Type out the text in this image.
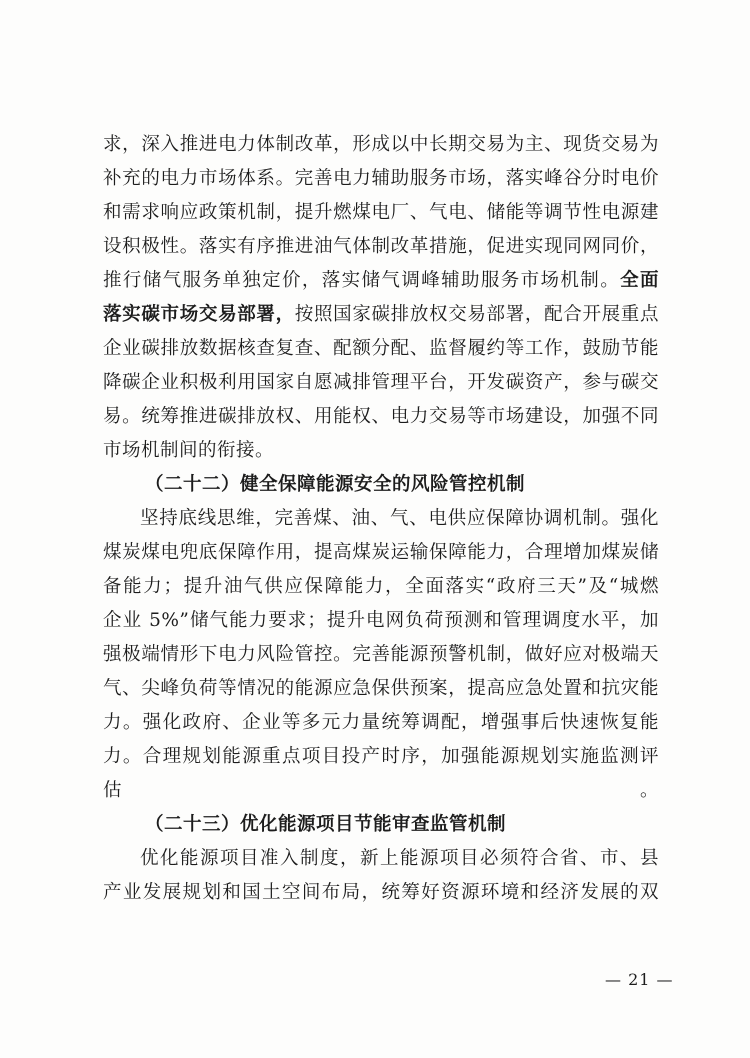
求，深入推进电力体制改革，形成以中长期交易为主、现货交易为
补充的电力市场体系。完善电力辅助服务市场，落实峰谷分时电价
和需求响应政策机制，提升燃煤电厂、气电、储能等调节性电源建
设积极性。落实有序推进油气体制改革措施，促进实现同网同价，
推行储气服务单独定价，落实储气调峰辅助服务市场机制。全面
落实碳市场交易部署，按照国家碳排放权交易部署，配合开展重点
企业碳排放数据核查复查、配额分配、监督履约等工作，鼓励节能
降碳企业积极利用国家自愿减排管理平台，开发碳资产，参与碳交
易。统筹推进碳排放权、用能权、电力交易等市场建设，加强不同

市场机制间的衔接。

（二十二）健全保障能源安全的风险管控机制

坚持底线思维，完善煤、油、气、电供应保障协调机制。强化
煤炭煤电兜底保障作用，提高煤炭运输保障能力，合理增加煤炭储
备能力；提升油气供应保障能力，全面落实“政府三天”及“城燃
企业 5%”储气能力要求；提升电网负荷预测和管理调度水平，加
强极端情形下电力风险管控。完善能源预警机制，做好应对极端天
气、尖峰负荷等情况的能源应急保供预案，提高应急处置和抗灾能
力。强化政府、企业等多元力量统筹调配，增强事后快速恢复能
力。合理规划能源重点项目投产时序，加强能源规划实施监测评估。

（二十三）优化能源项目节能审查监管机制

优化能源项目准入制度，新上能源项目必须符合省、市、县
产业发展规划和国土空间布局，统筹好资源环境和经济发展的双

— 21 —
